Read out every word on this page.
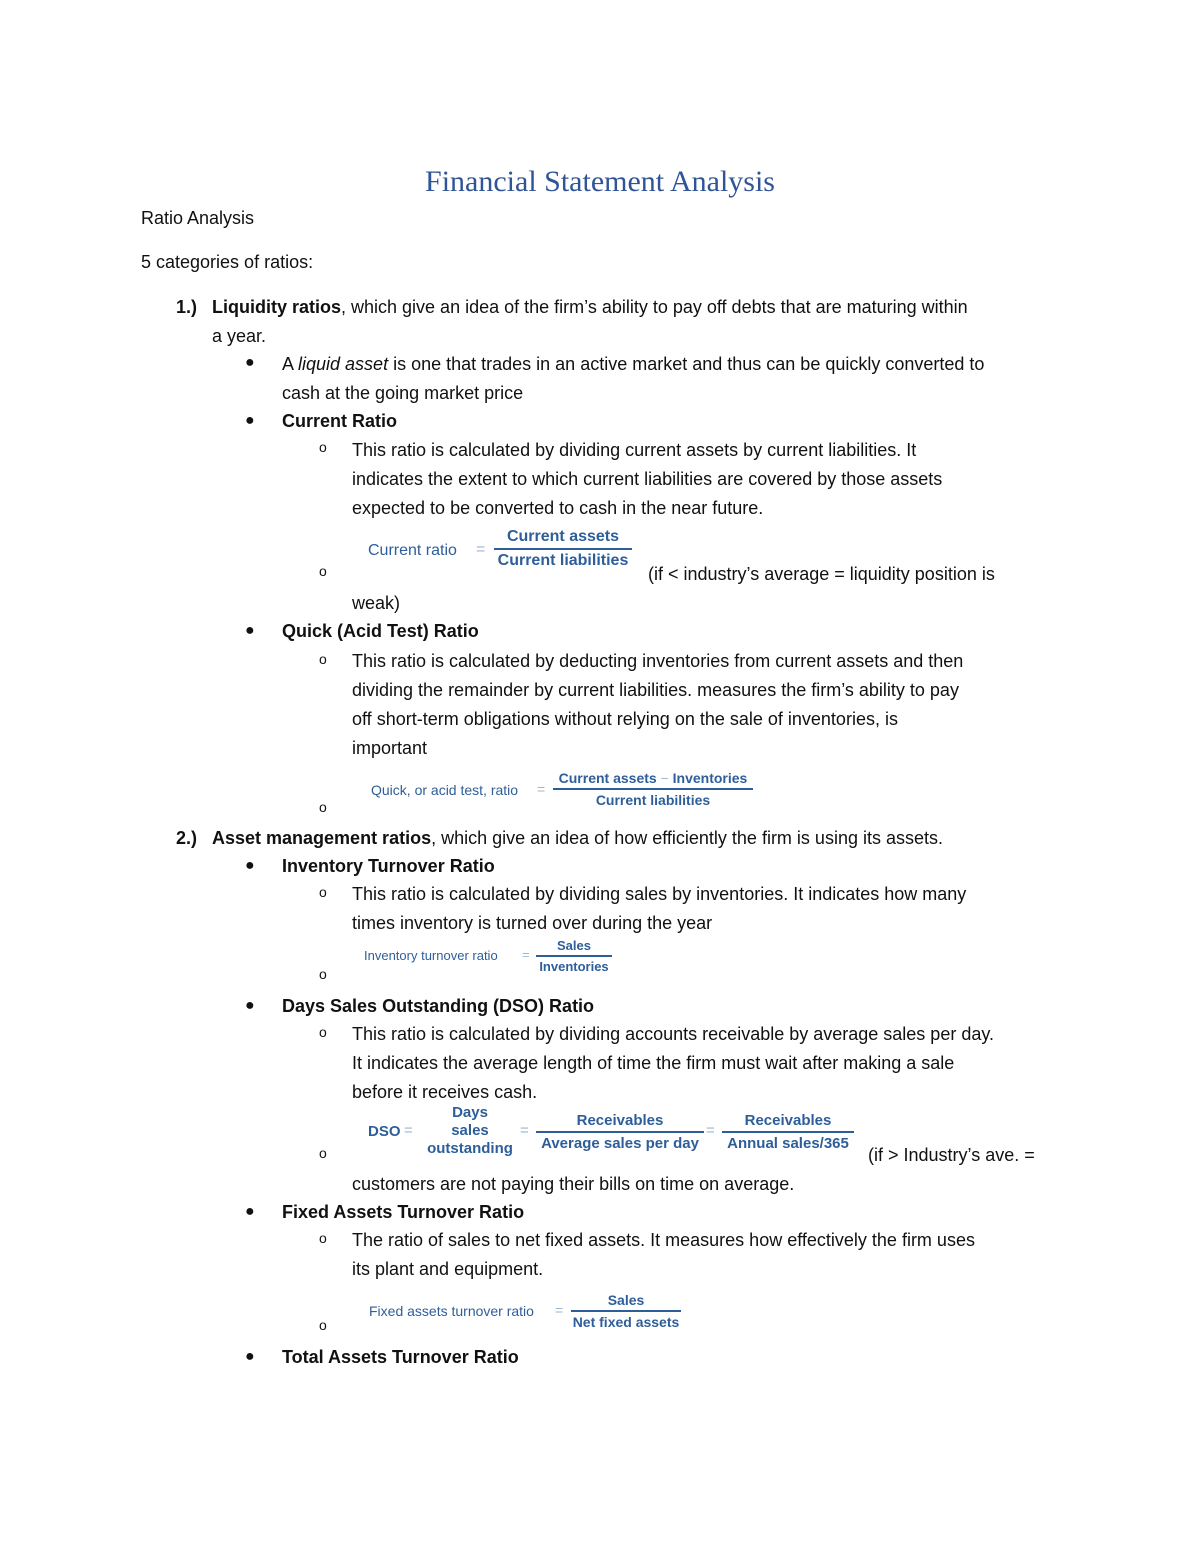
Financial Statement Analysis
Ratio Analysis
5 categories of ratios:
1.) Liquidity ratios, which give an idea of the firm’s ability to pay off debts that are maturing within
a year.
● A liquid asset is one that trades in an active market and thus can be quickly converted to
cash at the going market price
● Current Ratio
o This ratio is calculated by dividing current assets by current liabilities. It
indicates the extent to which current liabilities are covered by those assets
expected to be converted to cash in the near future.
o
Current ratio =
Current assets
Current liabilities
(if < industry’s average = liquidity position is
weak)
● Quick (Acid Test) Ratio
o This ratio is calculated by deducting inventories from current assets and then
dividing the remainder by current liabilities. measures the firm’s ability to pay
off short-term obligations without relying on the sale of inventories, is
important
o
Quick, or acid test, ratio =
Current assets − Inventories
Current liabilities
2.) Asset management ratios, which give an idea of how efficiently the firm is using its assets.
● Inventory Turnover Ratio
o This ratio is calculated by dividing sales by inventories. It indicates how many
times inventory is turned over during the year
o
Inventory turnover ratio =
Sales
Inventories
● Days Sales Outstanding (DSO) Ratio
o This ratio is calculated by dividing accounts receivable by average sales per day.
It indicates the average length of time the firm must wait after making a sale
before it receives cash.
o
DSO =
Days
sales
outstanding
=
Receivables
Average sales per day
=
Receivables
Annual sales/365
(if > Industry’s ave. =
customers are not paying their bills on time on average.
● Fixed Assets Turnover Ratio
o The ratio of sales to net fixed assets. It measures how effectively the firm uses
its plant and equipment.
o
Fixed assets turnover ratio =
Sales
Net fixed assets
● Total Assets Turnover Ratio
